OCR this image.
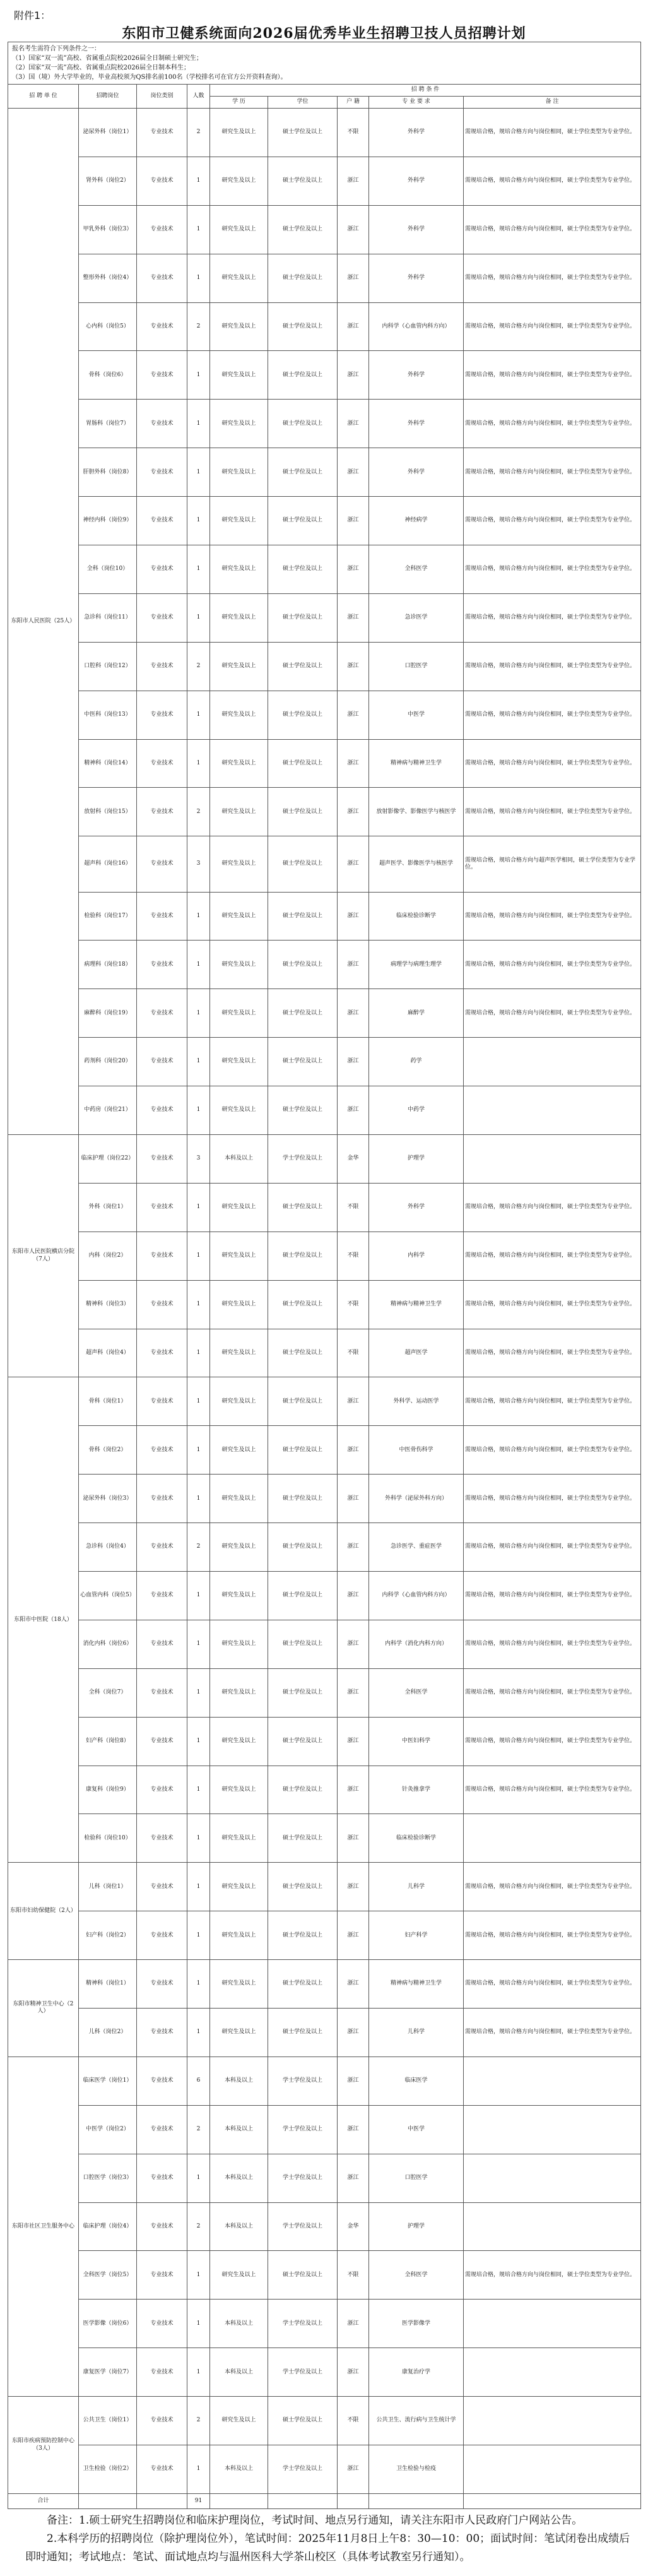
附件1：
东阳市卫健系统面向2026届优秀毕业生招聘卫技人员招聘计划
报名考生需符合下列条件之一：
（1）国家“双一流”高校、省属重点院校2026届全日制硕士研究生；
（2）国家“双一流”高校、省属重点院校2026届全日制本科生；
（3）国（境）外大学毕业的，毕业高校须为QS排名前100名（学校排名可在官方公开资料查询）。								

招 聘 单 位	招聘岗位	岗位类别	人数	招 聘 条 件				
				学 历	学位	户 籍	专 业 要 求	备 注
东阳市人民医院（25人）	泌尿外科（岗位1）	专业技术	2	研究生及以上	硕士学位及以上	不限	外科学	需规培合格，规培合格方向与岗位相同，硕士学位类型为专业学位。
	肾外科（岗位2）	专业技术	1	研究生及以上	硕士学位及以上	浙江	外科学	需规培合格，规培合格方向与岗位相同，硕士学位类型为专业学位。
	甲乳外科（岗位3）	专业技术	1	研究生及以上	硕士学位及以上	浙江	外科学	需规培合格，规培合格方向与岗位相同，硕士学位类型为专业学位。
	整形外科（岗位4）	专业技术	1	研究生及以上	硕士学位及以上	浙江	外科学	需规培合格，规培合格方向与岗位相同，硕士学位类型为专业学位。
	心内科（岗位5）	专业技术	2	研究生及以上	硕士学位及以上	浙江	内科学（心血管内科方向）	需规培合格，规培合格方向与岗位相同，硕士学位类型为专业学位。
	骨科（岗位6）	专业技术	1	研究生及以上	硕士学位及以上	浙江	外科学	需规培合格，规培合格方向与岗位相同，硕士学位类型为专业学位。
	胃肠科（岗位7）	专业技术	1	研究生及以上	硕士学位及以上	浙江	外科学	需规培合格，规培合格方向与岗位相同，硕士学位类型为专业学位。
	肝胆外科（岗位8）	专业技术	1	研究生及以上	硕士学位及以上	浙江	外科学	需规培合格，规培合格方向与岗位相同，硕士学位类型为专业学位。
	神经内科（岗位9）	专业技术	1	研究生及以上	硕士学位及以上	浙江	神经病学	需规培合格，规培合格方向与岗位相同，硕士学位类型为专业学位。
	全科（岗位10）	专业技术	1	研究生及以上	硕士学位及以上	浙江	全科医学	需规培合格，规培合格方向与岗位相同，硕士学位类型为专业学位。
	急诊科（岗位11）	专业技术	1	研究生及以上	硕士学位及以上	浙江	急诊医学	需规培合格，规培合格方向与岗位相同，硕士学位类型为专业学位。
	口腔科（岗位12）	专业技术	2	研究生及以上	硕士学位及以上	浙江	口腔医学	需规培合格，规培合格方向与岗位相同，硕士学位类型为专业学位。
	中医科（岗位13）	专业技术	1	研究生及以上	硕士学位及以上	浙江	中医学	需规培合格，规培合格方向与岗位相同，硕士学位类型为专业学位。
	精神科（岗位14）	专业技术	1	研究生及以上	硕士学位及以上	浙江	精神病与精神卫生学	需规培合格，规培合格方向与岗位相同，硕士学位类型为专业学位。
	放射科（岗位15）	专业技术	2	研究生及以上	硕士学位及以上	浙江	放射影像学、影像医学与核医学	需规培合格，规培合格方向与岗位相同，硕士学位类型为专业学位。
	超声科（岗位16）	专业技术	3	研究生及以上	硕士学位及以上	浙江	超声医学、影像医学与核医学	需规培合格，规培合格方向与超声医学相同，硕士学位类型为专业学位。
	检验科（岗位17）	专业技术	1	研究生及以上	硕士学位及以上	浙江	临床检验诊断学	需规培合格，规培合格方向与岗位相同，硕士学位类型为专业学位。
	病理科（岗位18）	专业技术	1	研究生及以上	硕士学位及以上	浙江	病理学与病理生理学	需规培合格，规培合格方向与岗位相同，硕士学位类型为专业学位。
	麻醉科（岗位19）	专业技术	1	研究生及以上	硕士学位及以上	浙江	麻醉学	需规培合格，规培合格方向与岗位相同，硕士学位类型为专业学位。
	药剂科（岗位20）	专业技术	1	研究生及以上	硕士学位及以上	浙江	药学	
	中药房（岗位21）	专业技术	1	研究生及以上	硕士学位及以上	浙江	中药学	
东阳市人民医院横店分院（7人）	临床护理（岗位22）	专业技术	3	本科及以上	学士学位及以上	金华	护理学	
	外科（岗位1）	专业技术	1	研究生及以上	硕士学位及以上	不限	外科学	需规培合格，规培合格方向与岗位相同，硕士学位类型为专业学位。
	内科（岗位2）	专业技术	1	研究生及以上	硕士学位及以上	不限	内科学	需规培合格，规培合格方向与岗位相同，硕士学位类型为专业学位。
	精神科（岗位3）	专业技术	1	研究生及以上	硕士学位及以上	不限	精神病与精神卫生学	需规培合格，规培合格方向与岗位相同，硕士学位类型为专业学位。
	超声科（岗位4）	专业技术	1	研究生及以上	硕士学位及以上	不限	超声医学	需规培合格，规培合格方向与岗位相同，硕士学位类型为专业学位。
东阳市中医院（18人）	骨科（岗位1）	专业技术	1	研究生及以上	硕士学位及以上	浙江	外科学、运动医学	需规培合格，规培合格方向与岗位相同，硕士学位类型为专业学位。
	骨科（岗位2）	专业技术	1	研究生及以上	硕士学位及以上	浙江	中医骨伤科学	需规培合格，规培合格方向与岗位相同，硕士学位类型为专业学位。
	泌尿外科（岗位3）	专业技术	1	研究生及以上	硕士学位及以上	浙江	外科学（泌尿外科方向）	需规培合格，规培合格方向与岗位相同，硕士学位类型为专业学位。
	急诊科（岗位4）	专业技术	2	研究生及以上	硕士学位及以上	浙江	急诊医学、重症医学	需规培合格，规培合格方向与岗位相同，硕士学位类型为专业学位。
	心血管内科（岗位5）	专业技术	1	研究生及以上	硕士学位及以上	浙江	内科学（心血管内科方向）	需规培合格，规培合格方向与岗位相同，硕士学位类型为专业学位。
	消化内科（岗位6）	专业技术	1	研究生及以上	硕士学位及以上	浙江	内科学（消化内科方向）	需规培合格，规培合格方向与岗位相同，硕士学位类型为专业学位。
	全科（岗位7）	专业技术	1	研究生及以上	硕士学位及以上	浙江	全科医学	需规培合格，规培合格方向与岗位相同，硕士学位类型为专业学位。
	妇产科（岗位8）	专业技术	1	研究生及以上	硕士学位及以上	浙江	中医妇科学	需规培合格，规培合格方向与岗位相同，硕士学位类型为专业学位。
	康复科（岗位9）	专业技术	1	研究生及以上	硕士学位及以上	浙江	针灸推拿学	需规培合格，规培合格方向与岗位相同，硕士学位类型为专业学位。
	检验科（岗位10）	专业技术	1	研究生及以上	硕士学位及以上	浙江	临床检验诊断学	
东阳市妇幼保健院（2人）	儿科（岗位1）	专业技术	1	研究生及以上	硕士学位及以上	浙江	儿科学	需规培合格，规培合格方向与岗位相同，硕士学位类型为专业学位。
	妇产科（岗位2）	专业技术	1	研究生及以上	硕士学位及以上	浙江	妇产科学	需规培合格，规培合格方向与岗位相同，硕士学位类型为专业学位。
东阳市精神卫生中心（2人）	精神科（岗位1）	专业技术	1	研究生及以上	硕士学位及以上	浙江	精神病与精神卫生学	需规培合格，规培合格方向与岗位相同，硕士学位类型为专业学位。
	儿科（岗位2）	专业技术	1	研究生及以上	硕士学位及以上	浙江	儿科学	需规培合格，规培合格方向与岗位相同，硕士学位类型为专业学位。
东阳市社区卫生服务中心	临床医学（岗位1）	专业技术	6	本科及以上	学士学位及以上	浙江	临床医学	
	中医学（岗位2）	专业技术	2	本科及以上	学士学位及以上	浙江	中医学	
	口腔医学（岗位3）	专业技术	1	本科及以上	学士学位及以上	浙江	口腔医学	
	临床护理（岗位4）	专业技术	2	本科及以上	学士学位及以上	金华	护理学	
	全科医学（岗位5）	专业技术	1	研究生及以上	硕士学位及以上	不限	全科医学	需规培合格，规培合格方向与岗位相同，硕士学位类型为专业学位。
	医学影像（岗位6）	专业技术	1	本科及以上	学士学位及以上	浙江	医学影像学	
	康复医学（岗位7）	专业技术	1	本科及以上	学士学位及以上	浙江	康复治疗学	
东阳市疾病预防控制中心（3人）	公共卫生（岗位1）	专业技术	2	研究生及以上	硕士学位及以上	不限	公共卫生、流行病与卫生统计学	
	卫生检验（岗位2）	专业技术	1	本科及以上	学士学位及以上	浙江	卫生检验与检疫	
合计			91					

备注：1.硕士研究生招聘岗位和临床护理岗位，考试时间、地点另行通知，请关注东阳市人民政府门户网站公告。

2.本科学历的招聘岗位（除护理岗位外），笔试时间：2025年11月8日上午8：30—10：00；面试时间：笔试闭卷出成绩后即时通知；考试地点：笔试、面试地点均与温州医科大学茶山校区（具体考试教室另行通知）。
